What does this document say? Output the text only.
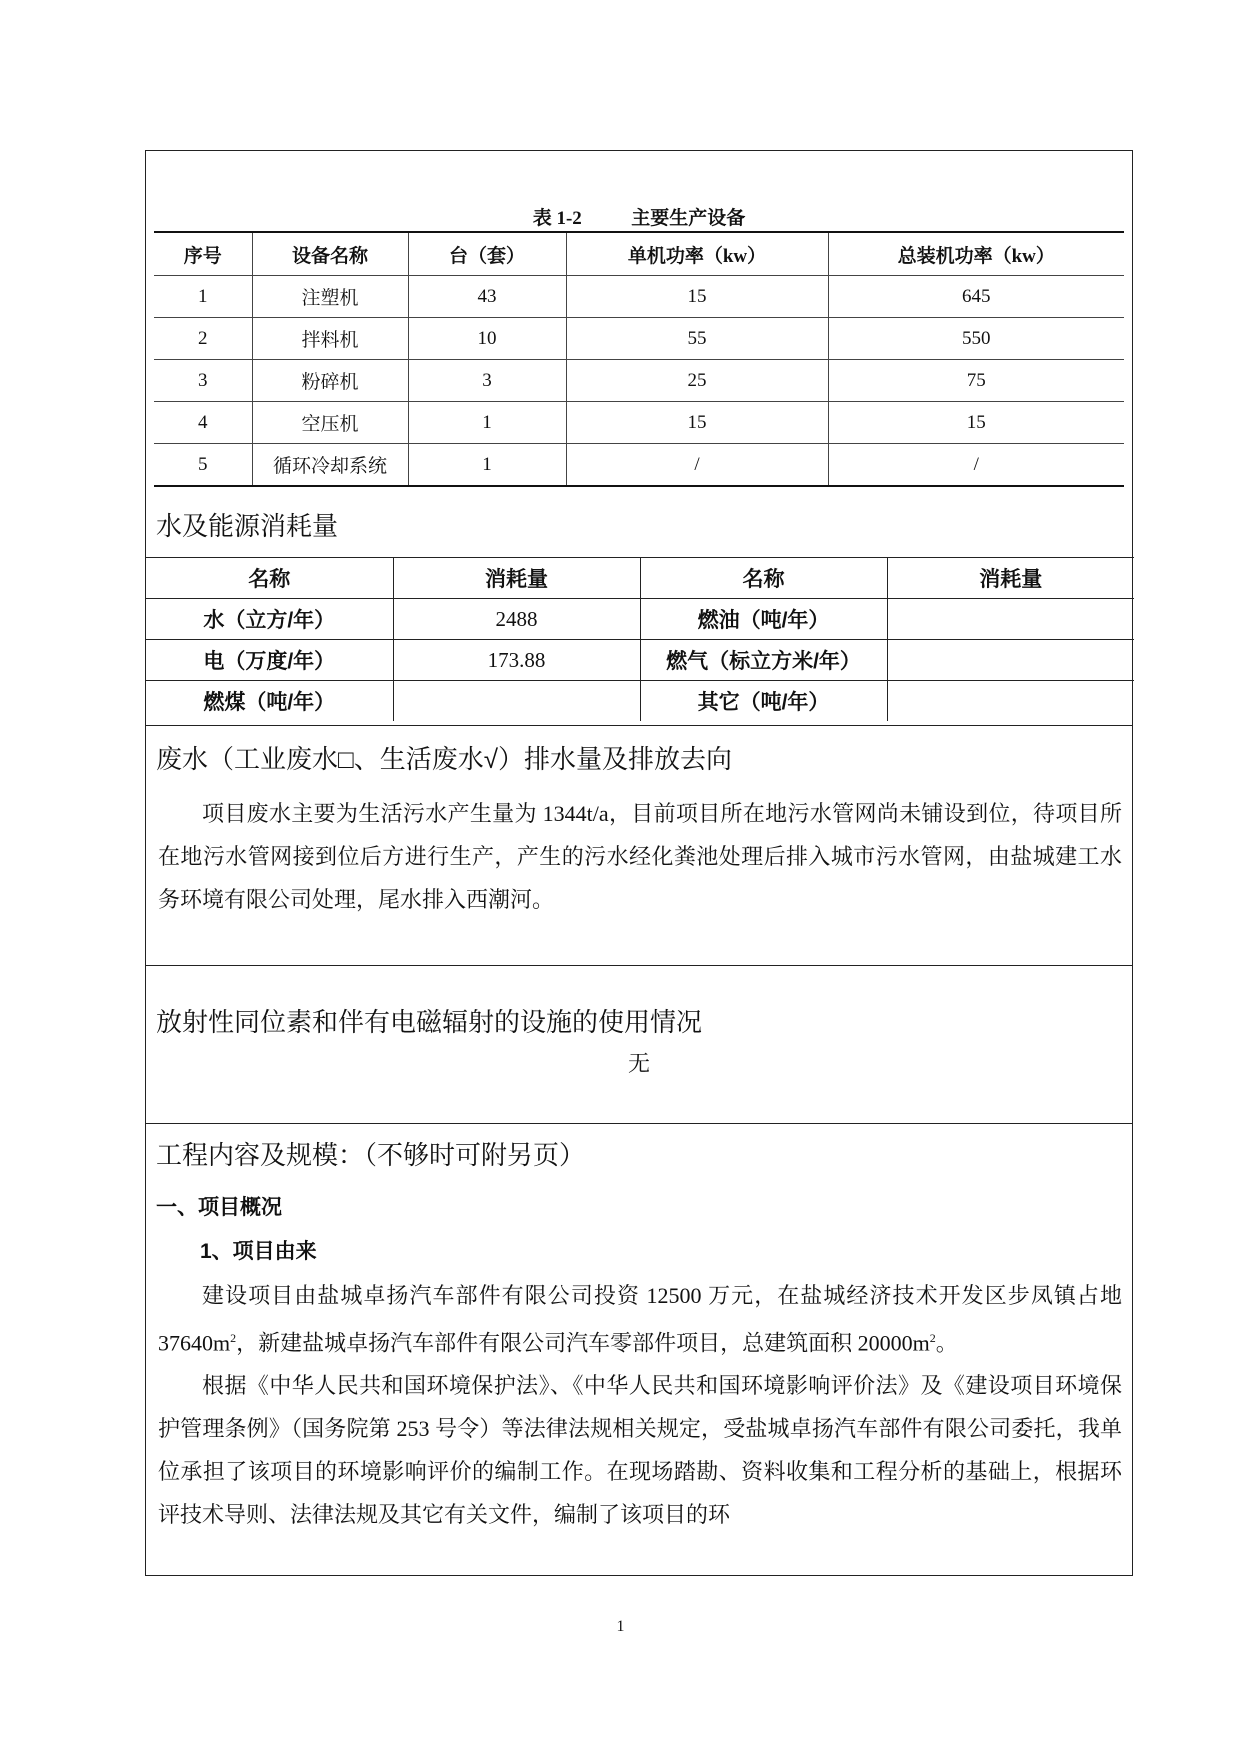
表 1-2	主要生产设备
序号	设备名称	台（套）	单机功率（kw）	总装机功率（kw）
1	注塑机	43	15	645
2	拌料机	10	55	550
3	粉碎机	3	25	75
4	空压机	1	15	15
5	循环冷却系统	1	/	/
水及能源消耗量
名称	消耗量	名称	消耗量
水（立方/年）	2488	燃油（吨/年）	
电（万度/年）	173.88	燃气（标立方米/年）	
燃煤（吨/年）		其它（吨/年）	
废水（工业废水□、生活废水√）排水量及排放去向

项目废水主要为生活污水产生量为 1344t/a，目前项目所在地污水管网尚未铺设到位，待项目所在地污水管网接到位后方进行生产，产生的污水经化粪池处理后排入城市污水管网，由盐城建工水务环境有限公司处理，尾水排入西潮河。

放射性同位素和伴有电磁辐射的设施的使用情况
无
工程内容及规模：（不够时可附另页）

一、项目概况

1、项目由来

建设项目由盐城卓扬汽车部件有限公司投资 12500 万元，在盐城经济技术开发区步凤镇占地 $37640m^2$，新建盐城卓扬汽车部件有限公司汽车零部件项目，总建筑面积 $20000m^2$。

根据《中华人民共和国环境保护法》、《中华人民共和国环境影响评价法》及《建设项目环境保护管理条例》（国务院第 253 号令）等法律法规相关规定，受盐城卓扬汽车部件有限公司委托，我单位承担了该项目的环境影响评价的编制工作。在现场踏勘、资料收集和工程分析的基础上，根据环评技术导则、法律法规及其它有关文件，编制了该项目的环

1
